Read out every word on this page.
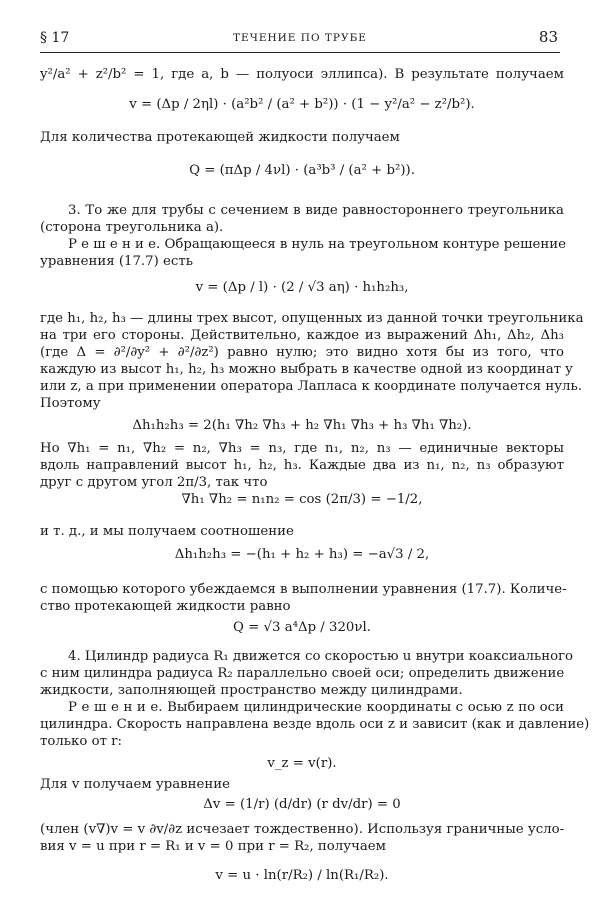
§ 17	ТЕЧЕНИЕ ПО ТРУБЕ	83
y²/a² + z²/b² = 1, где a, b — полуоси эллипса). В результате получаем
v = (Δp / 2ηl) · (a²b² / (a² + b²)) · (1 − y²/a² − z²/b²).
Для количества протекающей жидкости получаем
Q = (πΔp / 4νl) · (a³b³ / (a² + b²)).
3. То же для трубы с сечением в виде равностороннего треугольника
(сторона треугольника a).
Р е ш е н и е. Обращающееся в нуль на треугольном контуре решение
уравнения (17.7) есть
v = (Δp / l) · (2 / √3 aη) · h₁h₂h₃,
где h₁, h₂, h₃ — длины трех высот, опущенных из данной точки треугольника
на три его стороны. Действительно, каждое из выражений Δh₁, Δh₂, Δh₃
(где Δ = ∂²/∂y² + ∂²/∂z²) равно нулю; это видно хотя бы из того, что
каждую из высот h₁, h₂, h₃ можно выбрать в качестве одной из координат y
или z, а при применении оператора Лапласа к координате получается нуль.
Поэтому
Δh₁h₂h₃ = 2(h₁ ∇h₂ ∇h₃ + h₂ ∇h₁ ∇h₃ + h₃ ∇h₁ ∇h₂).
Но ∇h₁ = n₁, ∇h₂ = n₂, ∇h₃ = n₃, где n₁, n₂, n₃ — единичные векторы
вдоль направлений высот h₁, h₂, h₃. Каждые два из n₁, n₂, n₃ образуют
друг с другом угол 2π/3, так что
∇h₁ ∇h₂ = n₁n₂ = cos (2π/3) = −1/2,
и т. д., и мы получаем соотношение
Δh₁h₂h₃ = −(h₁ + h₂ + h₃) = −a√3 / 2,
с помощью которого убеждаемся в выполнении уравнения (17.7). Количе-
ство протекающей жидкости равно
Q = √3 a⁴Δp / 320νl.
4. Цилиндр радиуса R₁ движется со скоростью u внутри коаксиального
с ним цилиндра радиуса R₂ параллельно своей оси; определить движение
жидкости, заполняющей пространство между цилиндрами.
Р е ш е н и е. Выбираем цилиндрические координаты с осью z по оси
цилиндра. Скорость направлена везде вдоль оси z и зависит (как и давление)
только от r:
v_z = v(r).
Для v получаем уравнение
Δv = (1/r) (d/dr) (r dv/dr) = 0
(член (v∇)v = v ∂v/∂z исчезает тождественно). Используя граничные усло-
вия v = u при r = R₁ и v = 0 при r = R₂, получаем
v = u · ln(r/R₂) / ln(R₁/R₂).
